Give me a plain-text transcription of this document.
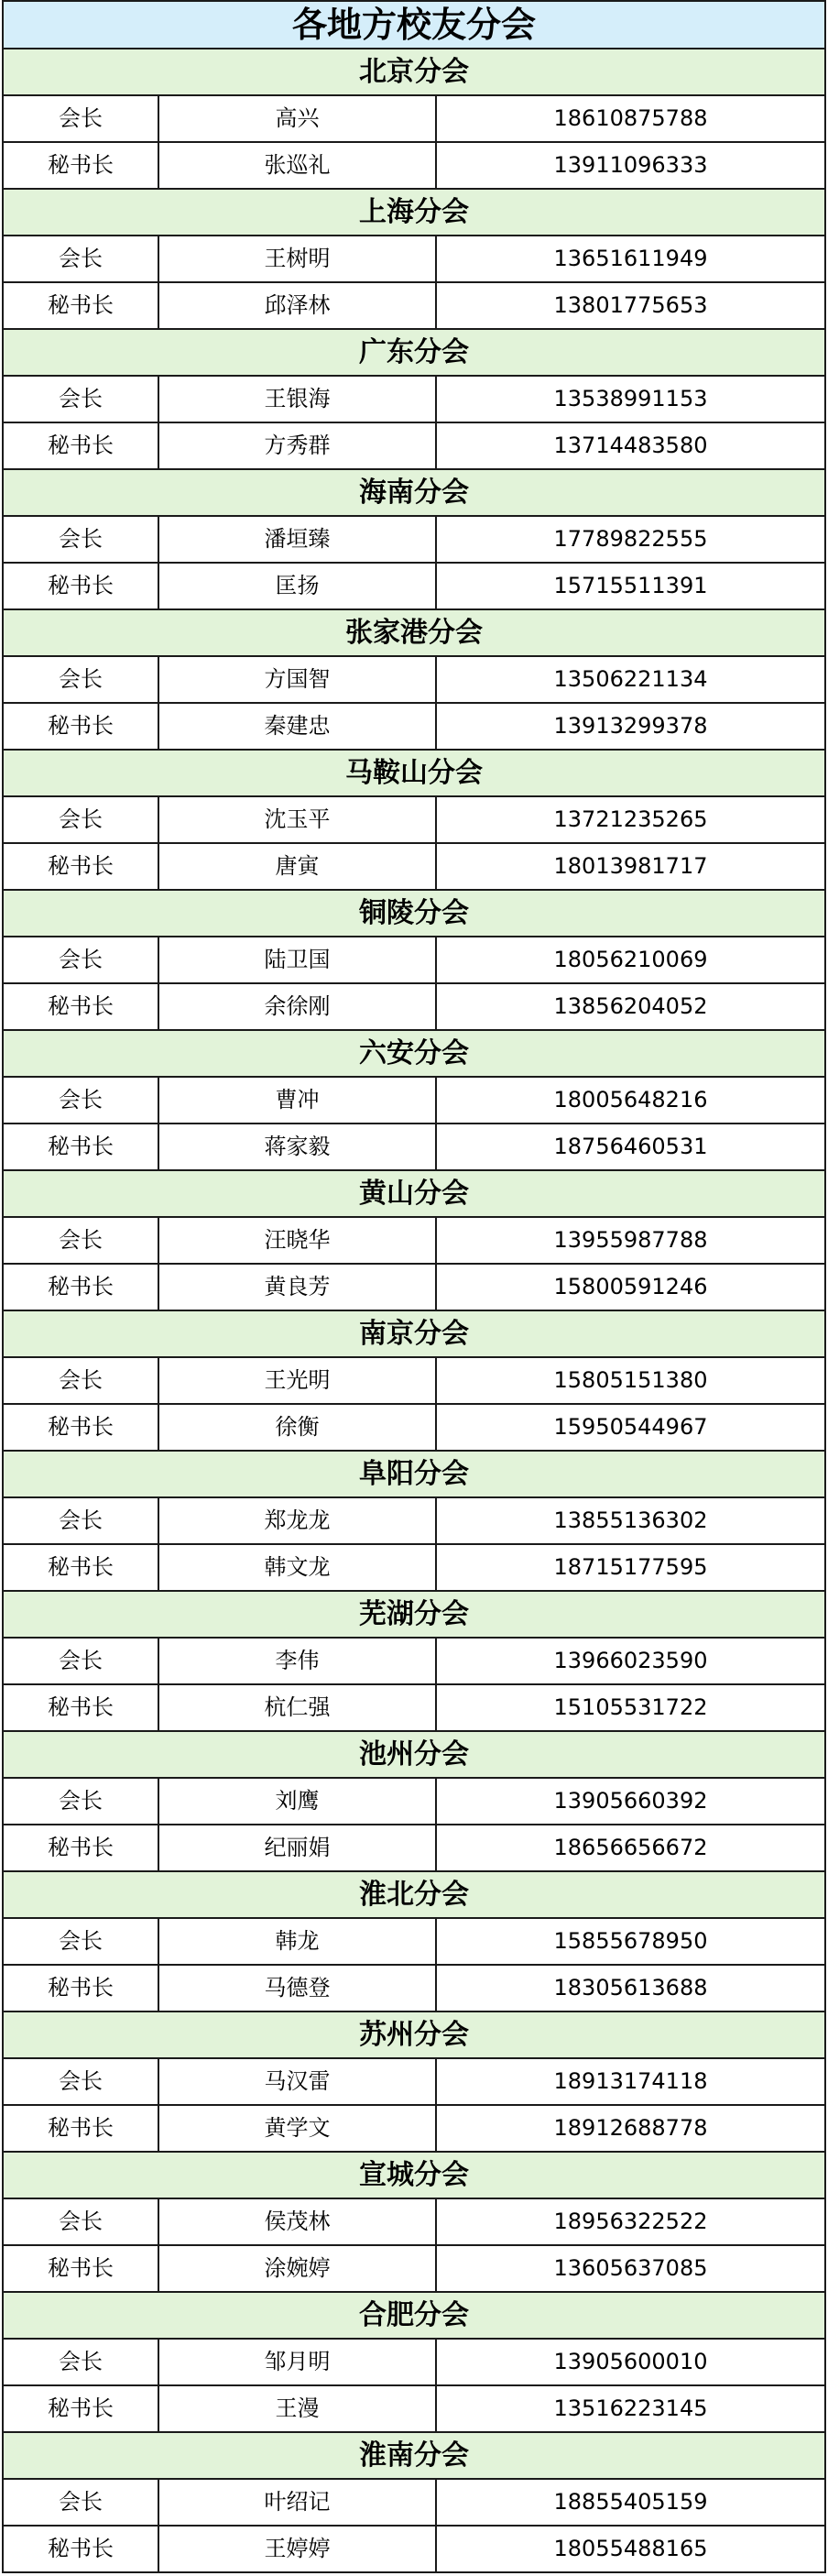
各地方校友分会
北京分会
会长	高兴	18610875788
秘书长	张巡礼	13911096333
上海分会
会长	王树明	13651611949
秘书长	邱泽林	13801775653
广东分会
会长	王银海	13538991153
秘书长	方秀群	13714483580
海南分会
会长	潘垣臻	17789822555
秘书长	匡扬	15715511391
张家港分会
会长	方国智	13506221134
秘书长	秦建忠	13913299378
马鞍山分会
会长	沈玉平	13721235265
秘书长	唐寅	18013981717
铜陵分会
会长	陆卫国	18056210069
秘书长	余徐刚	13856204052
六安分会
会长	曹冲	18005648216
秘书长	蒋家毅	18756460531
黄山分会
会长	汪晓华	13955987788
秘书长	黄良芳	15800591246
南京分会
会长	王光明	15805151380
秘书长	徐衡	15950544967
阜阳分会
会长	郑龙龙	13855136302
秘书长	韩文龙	18715177595
芜湖分会
会长	李伟	13966023590
秘书长	杭仁强	15105531722
池州分会
会长	刘鹰	13905660392
秘书长	纪丽娟	18656656672
淮北分会
会长	韩龙	15855678950
秘书长	马德登	18305613688
苏州分会
会长	马汉雷	18913174118
秘书长	黄学文	18912688778
宣城分会
会长	侯茂林	18956322522
秘书长	涂婉婷	13605637085
合肥分会
会长	邹月明	13905600010
秘书长	王漫	13516223145
淮南分会
会长	叶绍记	18855405159
秘书长	王婷婷	18055488165
